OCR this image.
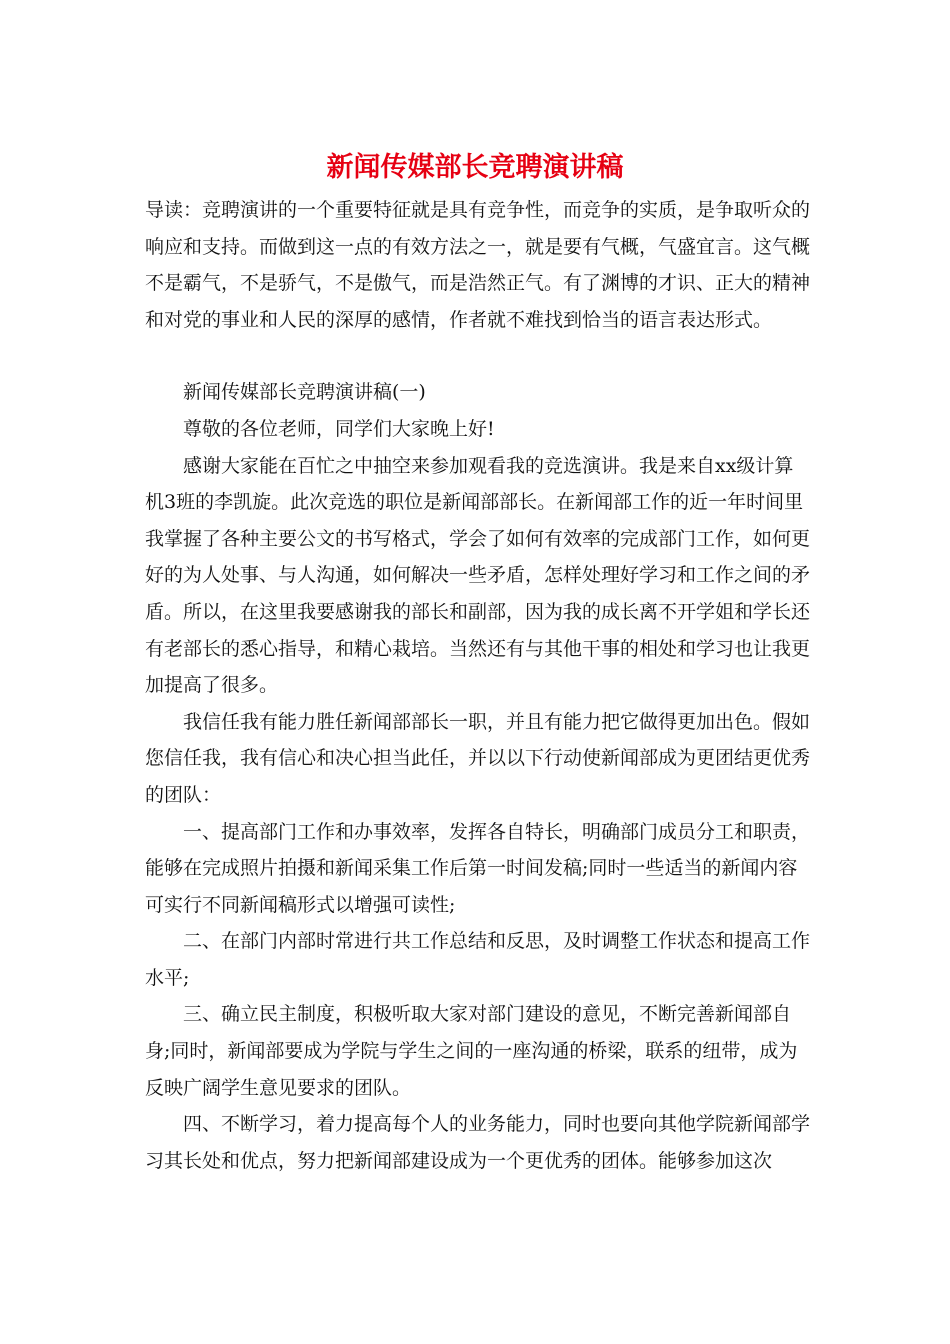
新闻传媒部长竞聘演讲稿

导读：竞聘演讲的一个重要特征就是具有竞争性，而竞争的实质，是争取听众的响应和支持。而做到这一点的有效方法之一，就是要有气概，气盛宜言。这气概不是霸气，不是骄气，不是傲气，而是浩然正气。有了渊博的才识、正大的精神和对党的事业和人民的深厚的感情，作者就不难找到恰当的语言表达形式。

新闻传媒部长竞聘演讲稿(一)

尊敬的各位老师，同学们大家晚上好!

感谢大家能在百忙之中抽空来参加观看我的竞选演讲。我是来自xx级计算机3班的李凯旋。此次竞选的职位是新闻部部长。在新闻部工作的近一年时间里我掌握了各种主要公文的书写格式，学会了如何有效率的完成部门工作，如何更好的为人处事、与人沟通，如何解决一些矛盾，怎样处理好学习和工作之间的矛盾。所以，在这里我要感谢我的部长和副部，因为我的成长离不开学姐和学长还有老部长的悉心指导，和精心栽培。当然还有与其他干事的相处和学习也让我更加提高了很多。

我信任我有能力胜任新闻部部长一职，并且有能力把它做得更加出色。假如您信任我，我有信心和决心担当此任，并以以下行动使新闻部成为更团结更优秀的团队：

一、提高部门工作和办事效率，发挥各自特长，明确部门成员分工和职责，能够在完成照片拍摄和新闻采集工作后第一时间发稿;同时一些适当的新闻内容可实行不同新闻稿形式以增强可读性;

二、在部门内部时常进行共工作总结和反思，及时调整工作状态和提高工作水平;

三、确立民主制度，积极听取大家对部门建设的意见，不断完善新闻部自身;同时，新闻部要成为学院与学生之间的一座沟通的桥梁，联系的纽带，成为反映广阔学生意见要求的团队。

四、不断学习，着力提高每个人的业务能力，同时也要向其他学院新闻部学习其长处和优点，努力把新闻部建设成为一个更优秀的团体。能够参加这次
